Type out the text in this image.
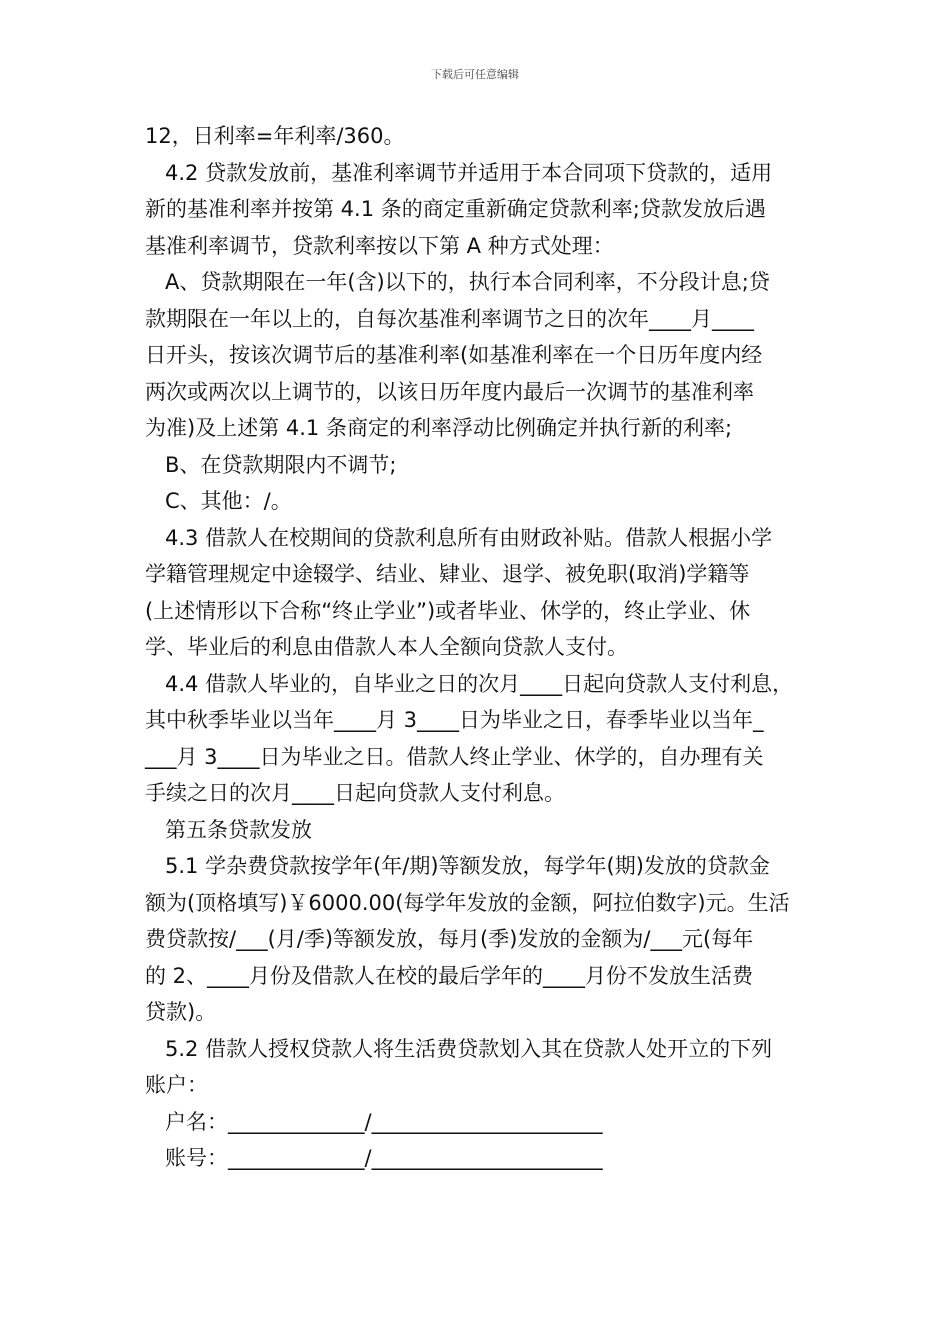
下载后可任意编辑

12，日利率=年利率/360。

4.2 贷款发放前，基准利率调节并适用于本合同项下贷款的，适用

新的基准利率并按第 4.1 条的商定重新确定贷款利率;贷款发放后遇

基准利率调节，贷款利率按以下第 A 种方式处理：

A、贷款期限在一年(含)以下的，执行本合同利率，不分段计息;贷

款期限在一年以上的，自每次基准利率调节之日的次年____月____

日开头，按该次调节后的基准利率(如基准利率在一个日历年度内经

两次或两次以上调节的，以该日历年度内最后一次调节的基准利率

为准)及上述第 4.1 条商定的利率浮动比例确定并执行新的利率;

B、在贷款期限内不调节;

C、其他：/。

4.3 借款人在校期间的贷款利息所有由财政补贴。借款人根据小学

学籍管理规定中途辍学、结业、肄业、退学、被免职(取消)学籍等

(上述情形以下合称“终止学业”)或者毕业、休学的，终止学业、休

学、毕业后的利息由借款人本人全额向贷款人支付。

4.4 借款人毕业的，自毕业之日的次月____日起向贷款人支付利息，

其中秋季毕业以当年____月 3____日为毕业之日，春季毕业以当年_

___月 3____日为毕业之日。借款人终止学业、休学的，自办理有关

手续之日的次月____日起向贷款人支付利息。

第五条贷款发放

5.1 学杂费贷款按学年(年/期)等额发放，每学年(期)发放的贷款金

额为(顶格填写)￥6000.00(每学年发放的金额，阿拉伯数字)元。生活

费贷款按/___(月/季)等额发放，每月(季)发放的金额为/___元(每年

的 2、____月份及借款人在校的最后学年的____月份不发放生活费

贷款)。

5.2 借款人授权贷款人将生活费贷款划入其在贷款人处开立的下列

账户：

户名：_____________/______________________

账号：_____________/______________________
